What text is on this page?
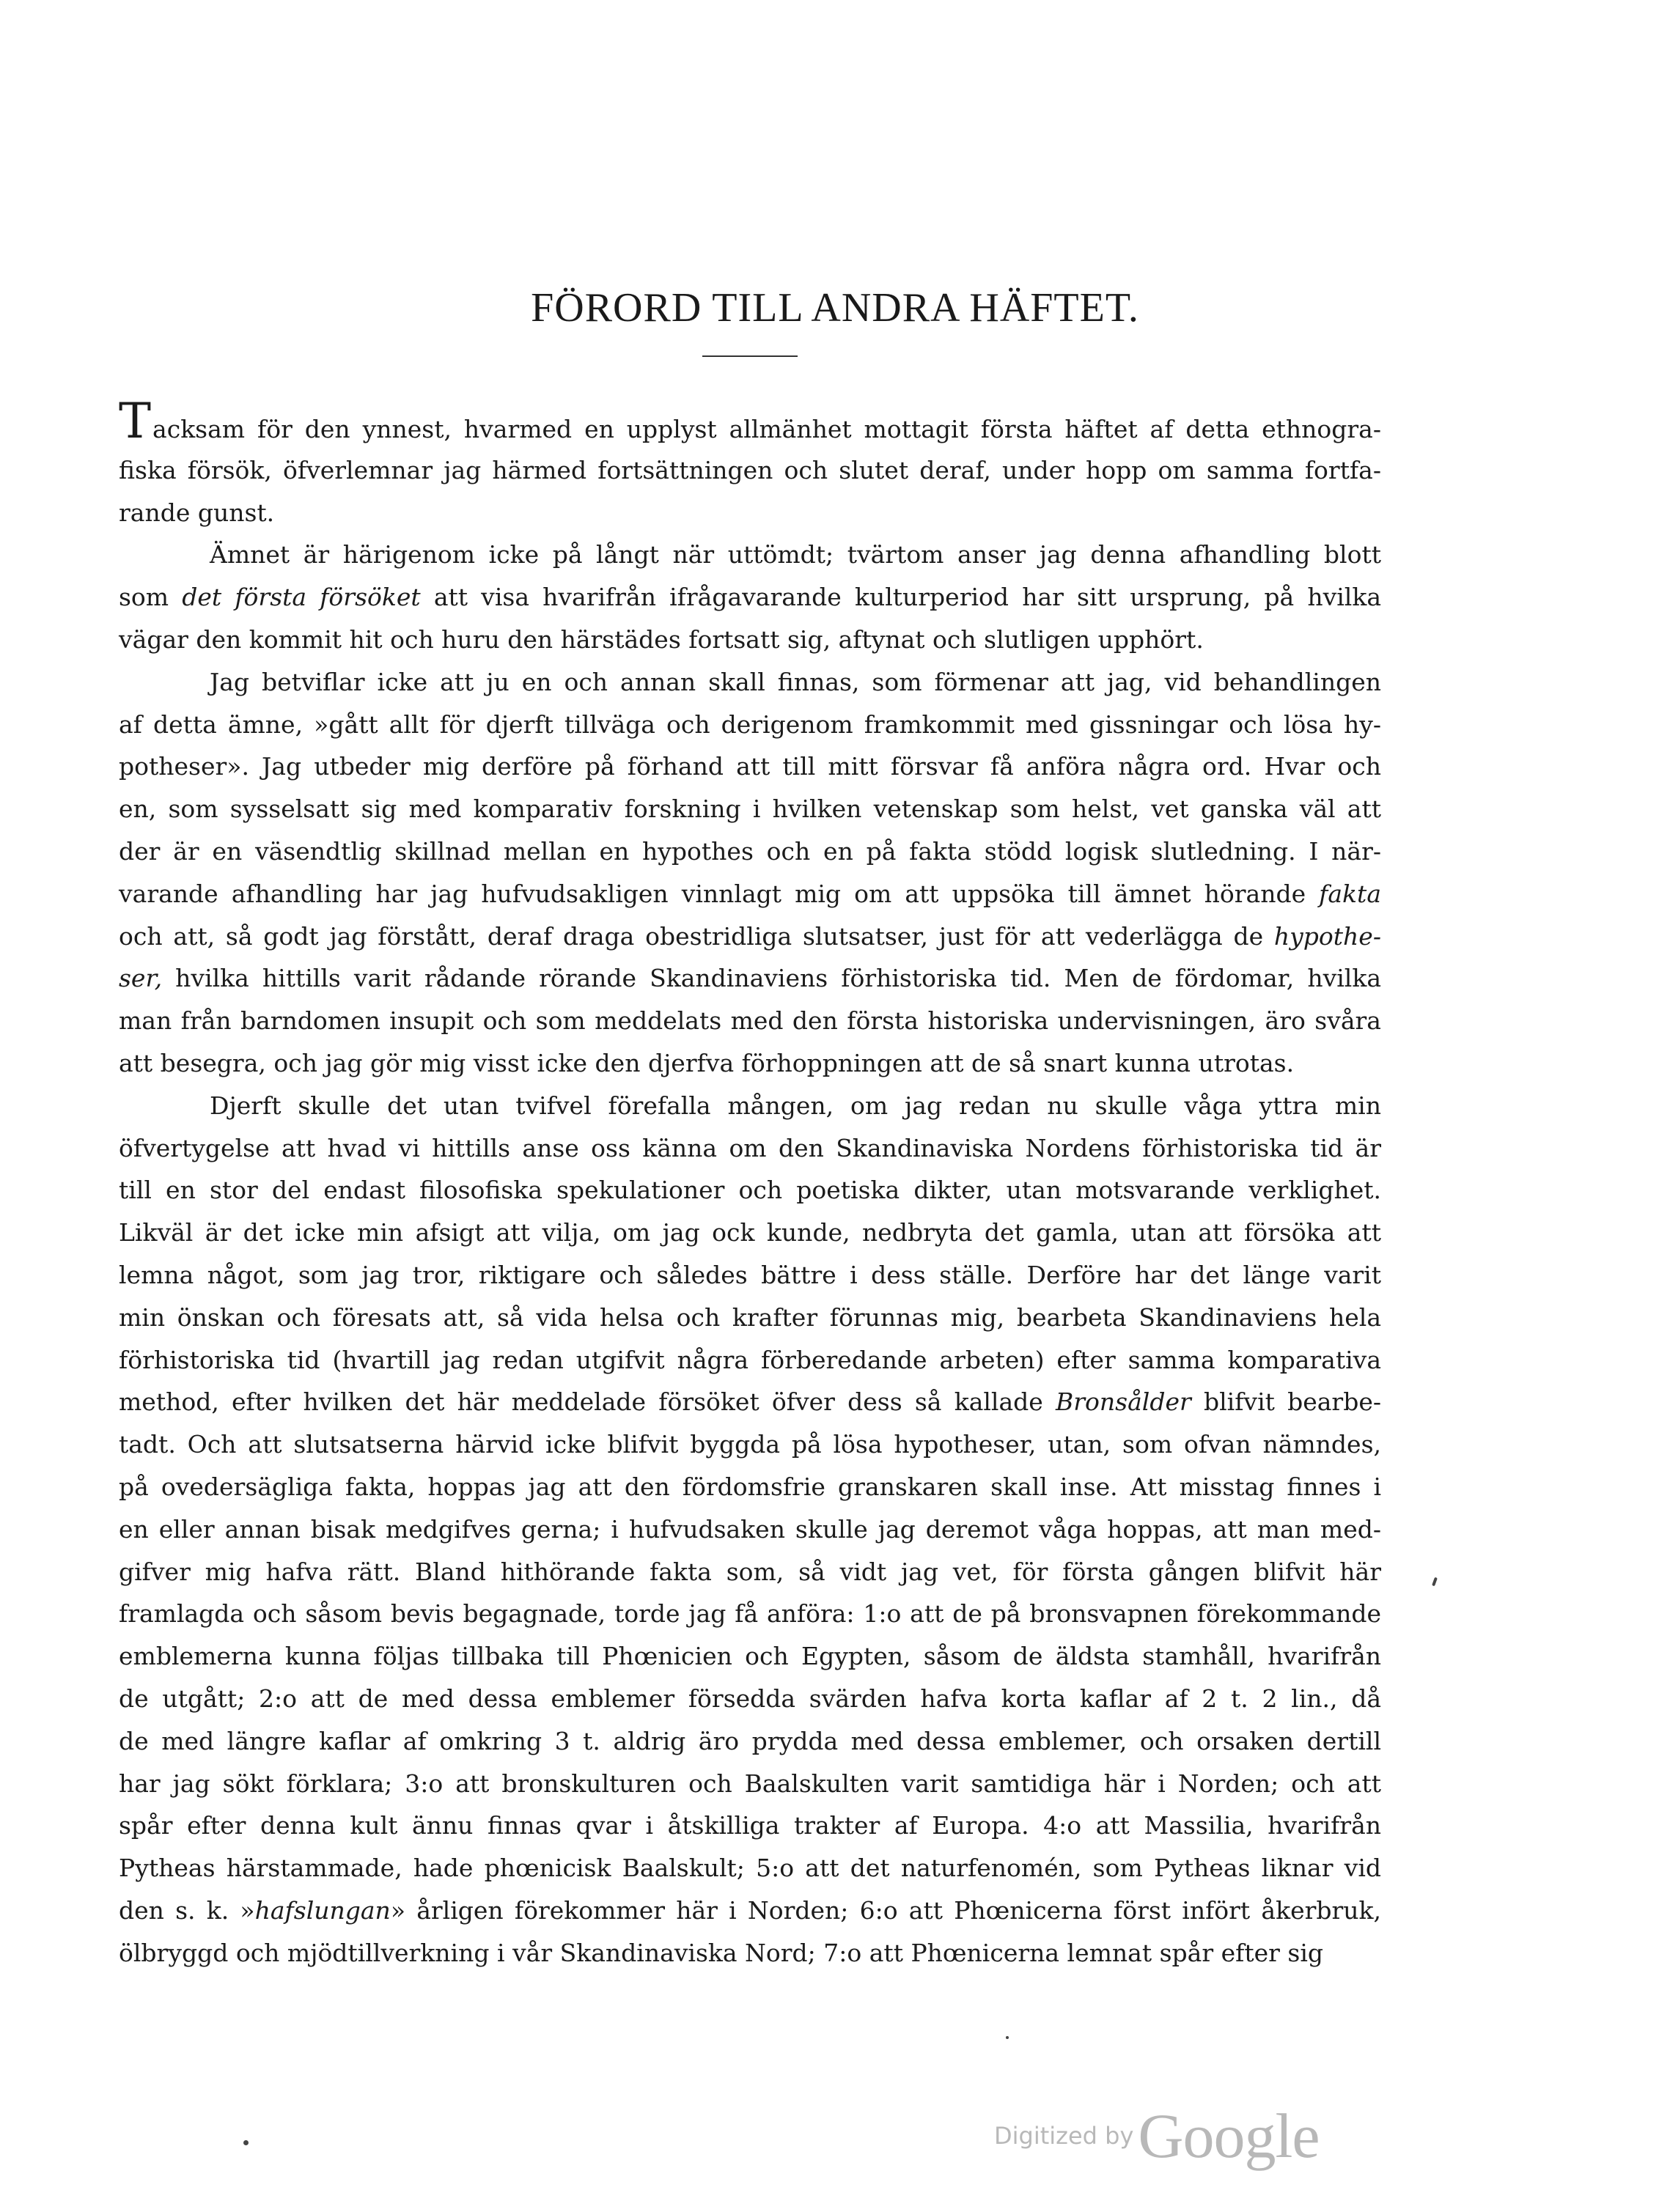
FÖRORD TILL ANDRA HÄFTET.
Tacksam för den ynnest, hvarmed en upplyst allmänhet mottagit första häftet af detta ethnogra-
fiska försök, öfverlemnar jag härmed fortsättningen och slutet deraf, under hopp om samma fortfa-
rande gunst.
Ämnet är härigenom icke på långt när uttömdt; tvärtom anser jag denna afhandling blott
som det första försöket att visa hvarifrån ifrågavarande kulturperiod har sitt ursprung, på hvilka
vägar den kommit hit och huru den härstädes fortsatt sig, aftynat och slutligen upphört.
Jag betviflar icke att ju en och annan skall finnas, som förmenar att jag, vid behandlingen
af detta ämne, »gått allt för djerft tillväga och derigenom framkommit med gissningar och lösa hy-
potheser». Jag utbeder mig derföre på förhand att till mitt försvar få anföra några ord. Hvar och
en, som sysselsatt sig med komparativ forskning i hvilken vetenskap som helst, vet ganska väl att
der är en väsendtlig skillnad mellan en hypothes och en på fakta stödd logisk slutledning. I när-
varande afhandling har jag hufvudsakligen vinnlagt mig om att uppsöka till ämnet hörande fakta
och att, så godt jag förstått, deraf draga obestridliga slutsatser, just för att vederlägga de hypothe-
ser, hvilka hittills varit rådande rörande Skandinaviens förhistoriska tid. Men de fördomar, hvilka
man från barndomen insupit och som meddelats med den första historiska undervisningen, äro svåra
att besegra, och jag gör mig visst icke den djerfva förhoppningen att de så snart kunna utrotas.
Djerft skulle det utan tvifvel förefalla mången, om jag redan nu skulle våga yttra min
öfvertygelse att hvad vi hittills anse oss känna om den Skandinaviska Nordens förhistoriska tid är
till en stor del endast filosofiska spekulationer och poetiska dikter, utan motsvarande verklighet.
Likväl är det icke min afsigt att vilja, om jag ock kunde, nedbryta det gamla, utan att försöka att
lemna något, som jag tror, riktigare och således bättre i dess ställe. Derföre har det länge varit
min önskan och föresats att, så vida helsa och krafter förunnas mig, bearbeta Skandinaviens hela
förhistoriska tid (hvartill jag redan utgifvit några förberedande arbeten) efter samma komparativa
method, efter hvilken det här meddelade försöket öfver dess så kallade Bronsålder blifvit bearbe-
tadt. Och att slutsatserna härvid icke blifvit byggda på lösa hypotheser, utan, som ofvan nämndes,
på ovedersägliga fakta, hoppas jag att den fördomsfrie granskaren skall inse. Att misstag finnes i
en eller annan bisak medgifves gerna; i hufvudsaken skulle jag deremot våga hoppas, att man med-
gifver mig hafva rätt. Bland hithörande fakta som, så vidt jag vet, för första gången blifvit här
framlagda och såsom bevis begagnade, torde jag få anföra: 1:o att de på bronsvapnen förekommande
emblemerna kunna följas tillbaka till Phœnicien och Egypten, såsom de äldsta stamhåll, hvarifrån
de utgått; 2:o att de med dessa emblemer försedda svärden hafva korta kaflar af 2 t. 2 lin., då
de med längre kaflar af omkring 3 t. aldrig äro prydda med dessa emblemer, och orsaken dertill
har jag sökt förklara; 3:o att bronskulturen och Baalskulten varit samtidiga här i Norden; och att
spår efter denna kult ännu finnas qvar i åtskilliga trakter af Europa. 4:o att Massilia, hvarifrån
Pytheas härstammade, hade phœnicisk Baalskult; 5:o att det naturfenomén, som Pytheas liknar vid
den s. k. »hafslungan» årligen förekommer här i Norden; 6:o att Phœnicerna först infört åkerbruk,
ölbryggd och mjödtillverkning i vår Skandinaviska Nord; 7:o att Phœnicerna lemnat spår efter sig
Digitized byGoogle
